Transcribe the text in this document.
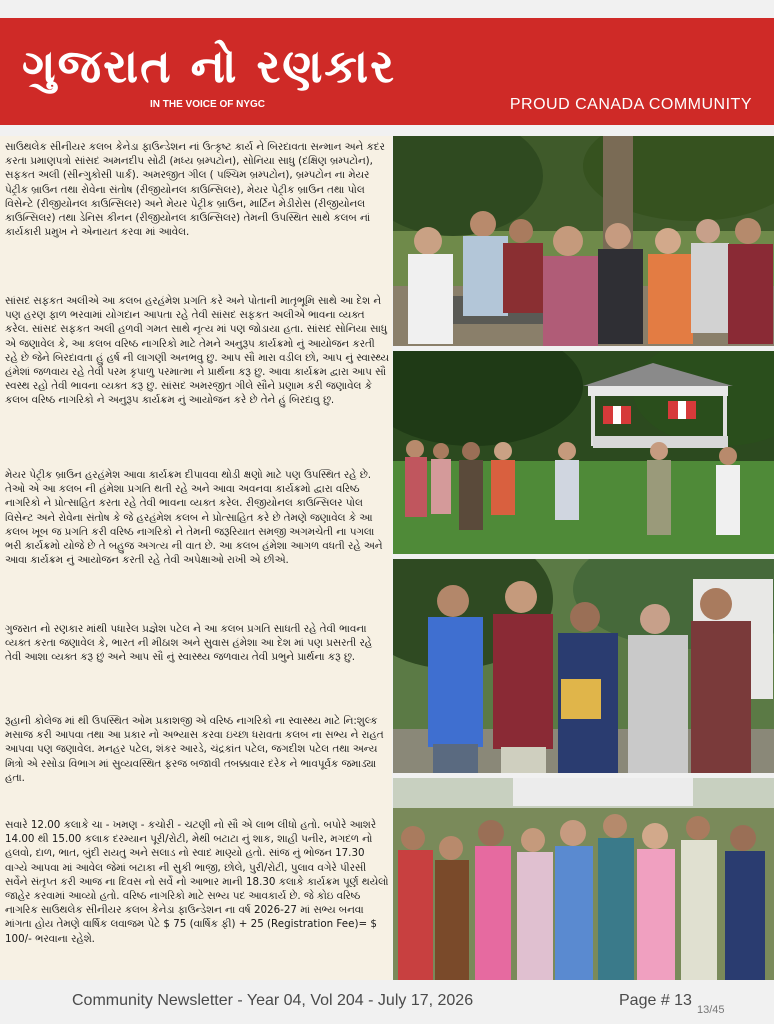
ગુજરાત નો રણકાર
IN THE VOICE OF NYGC	PROUD CANADA COMMUNITY

સાઉથલેક સીનીયર કલબ કેનેડા ફાઉન્ડેશન નાં ઉત્કૃષ્ટ કાર્ય ને બિરદાવતા સન્માન અને કદર કરતા પ્રમાણપત્રો સાંસદ અમનદીપ સોઢી (મધ્ય બ્રમ્પટોન), સોનિયા સાધુ (દક્ષિણ બ્રમ્પટોન), સફકત અલી (સીન્ગુકોસી પાર્ક). અમરજીત ગીલ ( પશ્ચિમ બ્રમ્પટોન), બ્રમ્પટોન ના મેયર પેટ્રીક બ્રાઉન તથા રોવેના સંતોષ (રીજીયોનલ કાઉન્સિલર), મેયર પેટ્રીક બ્રાઉન તથા પોલ વિસેન્ટે (રીજીયોનલ કાઉન્સિલર) અને મેયર પેટ્રીક બ્રાઉન, માર્ટિન મેડીરોસ (રીજીયોનલ કાઉન્સિલર) તથા ડેનિસ કીનન (રીજીયોનલ કાઉન્સિલર) તેમની ઉપસ્થિત સાથે કલબ નાં કાર્યકારી પ્રમુખ ને એનાયત કરવા માં આવેલ.

સાંસદ સફકત અલીએ આ કલબ હરહંમેશ પ્રગતિ કરે અને પોતાની માતૃભૂમિ સાથે આ દેશ ને પણ હરણ ફાળ ભરવામાં યોગદાન આપતા રહે તેવી સાંસદ સફકત અલીએ ભાવના વ્યક્ત કરેલ. સાંસદ સફકત અલી હળવી ગમત સાથે નૃત્ય માં પણ જોડાયા હતા. સાંસદ સોનિયા સાધુ એ જણાવેલ કે, આ કલબ વરિષ્ઠ નાગરિકો માટે તેમને અનુરૂપ કાર્યક્રમો નું આયોજન કરતી રહે છે જેને બિરદાવતા હું હર્ષ ની લાગણી અનભવુ છુ. આપ સૌ મારા વડીલ છો, આપ નું સ્વાસ્થ્ય હંમેશાં જળવાય રહે તેવી પરમ કૃપાળુ પરમાત્મા ને પ્રાર્થના કરૂ છુ. આવા કાર્યક્રમ દ્વારા આપ સૌ સ્વસ્થ રહો તેવી ભાવના વ્યક્ત કરૂ છુ. સાંસદ અમરજીત ગીલે સૌને પ્રણામ કરી જણાવેલ કે કલબ વરિષ્ઠ નાગરિકો ને અનુરૂપ કાર્યક્રમ નું આયોજન કરે છે તેને હું બિરદાવુ છુ.

મેયર પેટ્રીક બ્રાઉન હરહંમેશ આવા કાર્યક્રમ દીપાવવા થોડી ક્ષણો માટે પણ ઉપસ્થિત રહે છે. તેઓ એ આ કલબ ની હંમેશા પ્રગતિ થતી રહે અને આવા અવનવા કાર્યક્રમો દ્વારા વરિષ્ઠ નાગરિકો ને પ્રોત્સાહિત કરતા રહે તેવી ભાવના વ્યક્ત કરેલ. રીજીયોનલ કાઉન્સિલર પોલ વિસેન્ટ અને રોવેના સંતોષ કે જે હરહંમેશ કલબ ને પ્રોત્સાહિત કરે છે તેમણે જણાવેલ કે આ કલબ ખૂબ જ પ્રગતિ કરી વરિષ્ઠ નાગરિકો ને તેમની જરૂરિયાત સમજી અગમચેતી ના પગલા ભરી કાર્યક્રમો યોજે છે તે બહુજ અગત્ય ની વાત છે. આ કલબ હંમેશા આગળ વધતી રહે અને આવા કાર્યક્રમ નું આયોજન કરતી રહે તેવી અપેક્ષાઓ રાખી એ છીએ.

ગુજરાત નો રણકાર માંથી પધારેલ પ્રજ્ઞેશ પટેલ ને આ કલબ પ્રગતિ સાધતી રહે તેવી ભાવના વ્યક્ત કરતા જણાવેલ કે, ભારત ની મીઠાશ અને સુવાસ હંમેશા આ દેશ માં પણ પ્રસરતી રહે તેવી આશા વ્યક્ત કરૂ છું અને આપ સૌ નું સ્વાસ્થ્ય જળવાય તેવી પ્રભુને પ્રાર્થના કરૂ છુ.

રૂહાની કોલેજ માં થી ઉપસ્થિત ઓમ પ્રકાશજી એ વરિષ્ઠ નાગરિકો ના સ્વાસ્થ્ય માટે નિ:શુલ્ક મસાજ કરી આપવા તથા આ પ્રકાર નો અભ્યાસ કરવા ઇચ્છા ધરાવતા કલબ ના સભ્ય ને રાહત આપવા પણ જણાવેલ. મનહર પટેલ, શંકર આરડે, ચંદ્રકાંત પટેલ, જગદીશ પટેલ તથા અન્ય મિત્રો એ રસોડા વિભાગ માં સુવ્યવસ્થિત ફરજ બજાવી તબક્કાવાર દરેક ને ભાવપૂર્વક જમાડ્યા હતા.

સવારે 12.00 કલાકે ચા - ખમણ - કચોરી - ચટણી નો સૌ એ લાભ લીધો હતો. બપોરે આશરે 14.00 થી 15.00 કલાક દરમ્યાન પૂરી/રોટી, મેથી બટાટા નું શાક, શાહી પનીર, મગદળ નો હલવો, દાળ, ભાત, બુંદી રાયતુ અને સલાડ નો સ્વાદ માણ્યો હતો. સાંજ નું ભોજન 17.30 વાગ્યે આપવા માં આવેલ જેમાં બટાકા ની સુકી ભાજી, છોલે, પુરી/રોટી, પુલાવ વગેરે પીરસી સર્વેને સંતૃપ્ત કરી આજ ના દિવસ નો સર્વે નો આભાર માની 18.30 કલાકે કાર્યક્રમ પૂર્ણ થયેલો જાહેર કરવામાં આવ્યો હતો. વરિષ્ઠ નાગરિકો માટે સભ્ય પદ આવકાર્ય છે. જે કોઇ વરિષ્ઠ નાગરિક સાઉથલેક સીનીયર કલબ કેનેડા ફાઉન્ડેશન ના વર્ષ 2026-27 માં સભ્ય બનવા માંગતા હોય તેમણે વાર્ષિક લવાજમ પેટે $ 75 (વાર્ષિક ફી) + 25 (Registration Fee)= $ 100/- ભરવાના રહેશે.

Community Newsletter - Year 04, Vol 204 - July 17, 2026	Page # 13
13/45
